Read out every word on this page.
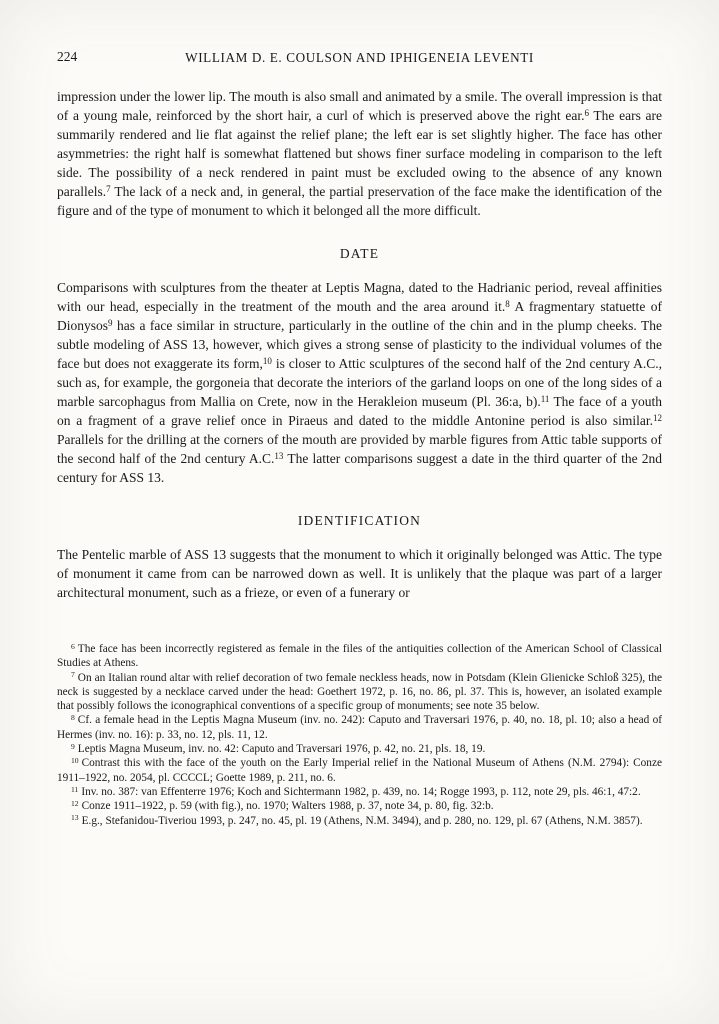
224	WILLIAM D. E. COULSON AND IPHIGENEIA LEVENTI

impression under the lower lip. The mouth is also small and animated by a smile. The overall impression is that of a young male, reinforced by the short hair, a curl of which is preserved above the right ear.$^6$ The ears are summarily rendered and lie flat against the relief plane; the left ear is set slightly higher. The face has other asymmetries: the right half is somewhat flattened but shows finer surface modeling in comparison to the left side. The possibility of a neck rendered in paint must be excluded owing to the absence of any known parallels.$^7$ The lack of a neck and, in general, the partial preservation of the face make the identification of the figure and of the type of monument to which it belonged all the more difficult.

DATE

Comparisons with sculptures from the theater at Leptis Magna, dated to the Hadrianic period, reveal affinities with our head, especially in the treatment of the mouth and the area around it.$^8$ A fragmentary statuette of Dionysos$^9$ has a face similar in structure, particularly in the outline of the chin and in the plump cheeks. The subtle modeling of ASS 13, however, which gives a strong sense of plasticity to the individual volumes of the face but does not exaggerate its form,$^{10}$ is closer to Attic sculptures of the second half of the 2nd century A.C., such as, for example, the gorgoneia that decorate the interiors of the garland loops on one of the long sides of a marble sarcophagus from Mallia on Crete, now in the Herakleion museum (Pl. 36:a, b).$^{11}$ The face of a youth on a fragment of a grave relief once in Piraeus and dated to the middle Antonine period is also similar.$^{12}$ Parallels for the drilling at the corners of the mouth are provided by marble figures from Attic table supports of the second half of the 2nd century A.C.$^{13}$ The latter comparisons suggest a date in the third quarter of the 2nd century for ASS 13.

IDENTIFICATION

The Pentelic marble of ASS 13 suggests that the monument to which it originally belonged was Attic. The type of monument it came from can be narrowed down as well. It is unlikely that the plaque was part of a larger architectural monument, such as a frieze, or even of a funerary or

$^6$ The face has been incorrectly registered as female in the files of the antiquities collection of the American School of Classical Studies at Athens.

$^7$ On an Italian round altar with relief decoration of two female neckless heads, now in Potsdam (Klein Glienicke Schloß 325), the neck is suggested by a necklace carved under the head: Goethert 1972, p. 16, no. 86, pl. 37. This is, however, an isolated example that possibly follows the iconographical conventions of a specific group of monuments; see note 35 below.

$^8$ Cf. a female head in the Leptis Magna Museum (inv. no. 242): Caputo and Traversari 1976, p. 40, no. 18, pl. 10; also a head of Hermes (inv. no. 16): p. 33, no. 12, pls. 11, 12.

$^9$ Leptis Magna Museum, inv. no. 42: Caputo and Traversari 1976, p. 42, no. 21, pls. 18, 19.

$^{10}$ Contrast this with the face of the youth on the Early Imperial relief in the National Museum of Athens (N.M. 2794): Conze 1911–1922, no. 2054, pl. CCCCL; Goette 1989, p. 211, no. 6.

$^{11}$ Inv. no. 387: van Effenterre 1976; Koch and Sichtermann 1982, p. 439, no. 14; Rogge 1993, p. 112, note 29, pls. 46:1, 47:2.

$^{12}$ Conze 1911–1922, p. 59 (with fig.), no. 1970; Walters 1988, p. 37, note 34, p. 80, fig. 32:b.

$^{13}$ E.g., Stefanidou-Tiveriou 1993, p. 247, no. 45, pl. 19 (Athens, N.M. 3494), and p. 280, no. 129, pl. 67 (Athens, N.M. 3857).
